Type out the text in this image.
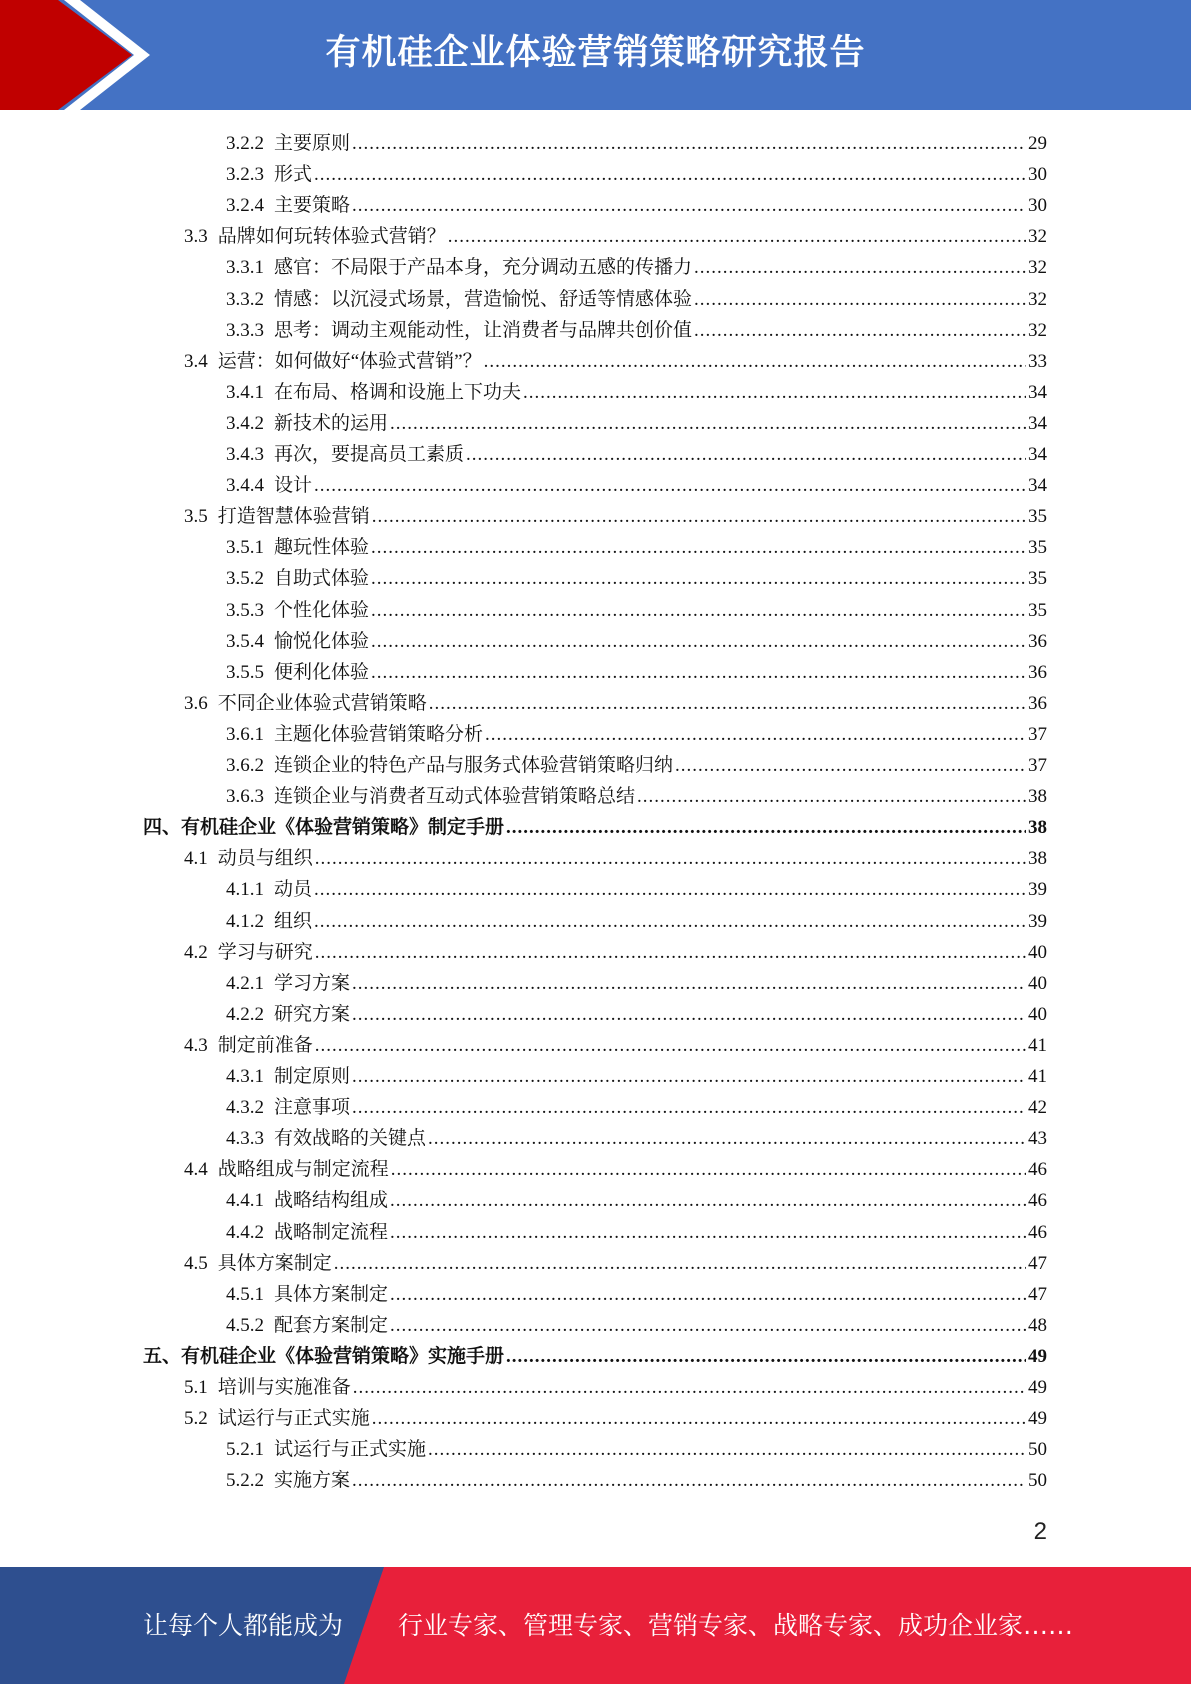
有机硅企业体验营销策略研究报告
3.2.2 主要原则 .....	29
3.2.3 形式 .....	30
3.2.4 主要策略 .....	30
3.3 品牌如何玩转体验式营销？ .....	32
3.3.1 感官：不局限于产品本身，充分调动五感的传播力 .....	32
3.3.2 情感：以沉浸式场景，营造愉悦、舒适等情感体验 .....	32
3.3.3 思考：调动主观能动性，让消费者与品牌共创价值 .....	32
3.4 运营：如何做好“体验式营销”？ .....	33
3.4.1 在布局、格调和设施上下功夫 .....	34
3.4.2 新技术的运用 .....	34
3.4.3 再次，要提高员工素质 .....	34
3.4.4 设计 .....	34
3.5 打造智慧体验营销 .....	35
3.5.1 趣玩性体验 .....	35
3.5.2 自助式体验 .....	35
3.5.3 个性化体验 .....	35
3.5.4 愉悦化体验 .....	36
3.5.5 便利化体验 .....	36
3.6 不同企业体验式营销策略 .....	36
3.6.1 主题化体验营销策略分析 .....	37
3.6.2 连锁企业的特色产品与服务式体验营销策略归纳 .....	37
3.6.3 连锁企业与消费者互动式体验营销策略总结 .....	38
四、有机硅企业《体验营销策略》制定手册 .....	38
4.1 动员与组织 .....	38
4.1.1 动员 .....	39
4.1.2 组织 .....	39
4.2 学习与研究 .....	40
4.2.1 学习方案 .....	40
4.2.2 研究方案 .....	40
4.3 制定前准备 .....	41
4.3.1 制定原则 .....	41
4.3.2 注意事项 .....	42
4.3.3 有效战略的关键点 .....	43
4.4 战略组成与制定流程 .....	46
4.4.1 战略结构组成 .....	46
4.4.2 战略制定流程 .....	46
4.5 具体方案制定 .....	47
4.5.1 具体方案制定 .....	47
4.5.2 配套方案制定 .....	48
五、有机硅企业《体验营销策略》实施手册 .....	49
5.1 培训与实施准备 .....	49
5.2 试运行与正式实施 .....	49
5.2.1 试运行与正式实施 .....	50
5.2.2 实施方案 .....	50
2
让每个人都能成为 行业专家、管理专家、营销专家、战略专家、成功企业家……
